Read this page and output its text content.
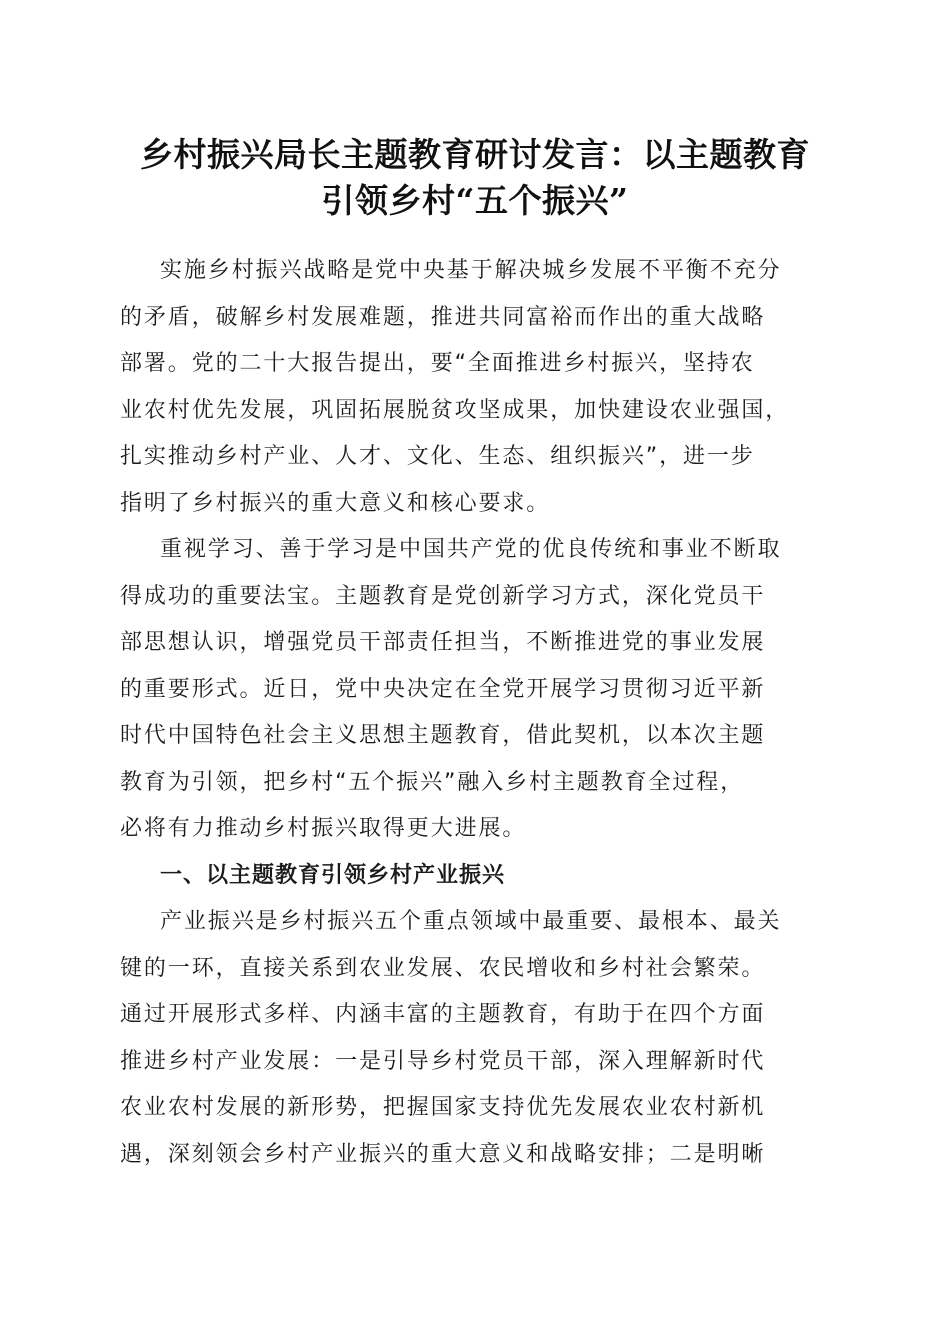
乡村振兴局长主题教育研讨发言：以主题教育
引领乡村“五个振兴”
实施乡村振兴战略是党中央基于解决城乡发展不平衡不充分
的矛盾，破解乡村发展难题，推进共同富裕而作出的重大战略
部署。党的二十大报告提出，要“全面推进乡村振兴，坚持农
业农村优先发展，巩固拓展脱贫攻坚成果，加快建设农业强国，
扎实推动乡村产业、人才、文化、生态、组织振兴”，进一步
指明了乡村振兴的重大意义和核心要求。
重视学习、善于学习是中国共产党的优良传统和事业不断取
得成功的重要法宝。主题教育是党创新学习方式，深化党员干
部思想认识，增强党员干部责任担当，不断推进党的事业发展
的重要形式。近日，党中央决定在全党开展学习贯彻习近平新
时代中国特色社会主义思想主题教育，借此契机，以本次主题
教育为引领，把乡村“五个振兴”融入乡村主题教育全过程，
必将有力推动乡村振兴取得更大进展。
一、以主题教育引领乡村产业振兴
产业振兴是乡村振兴五个重点领域中最重要、最根本、最关
键的一环，直接关系到农业发展、农民增收和乡村社会繁荣。
通过开展形式多样、内涵丰富的主题教育，有助于在四个方面
推进乡村产业发展：一是引导乡村党员干部，深入理解新时代
农业农村发展的新形势，把握国家支持优先发展农业农村新机
遇，深刻领会乡村产业振兴的重大意义和战略安排；二是明晰
